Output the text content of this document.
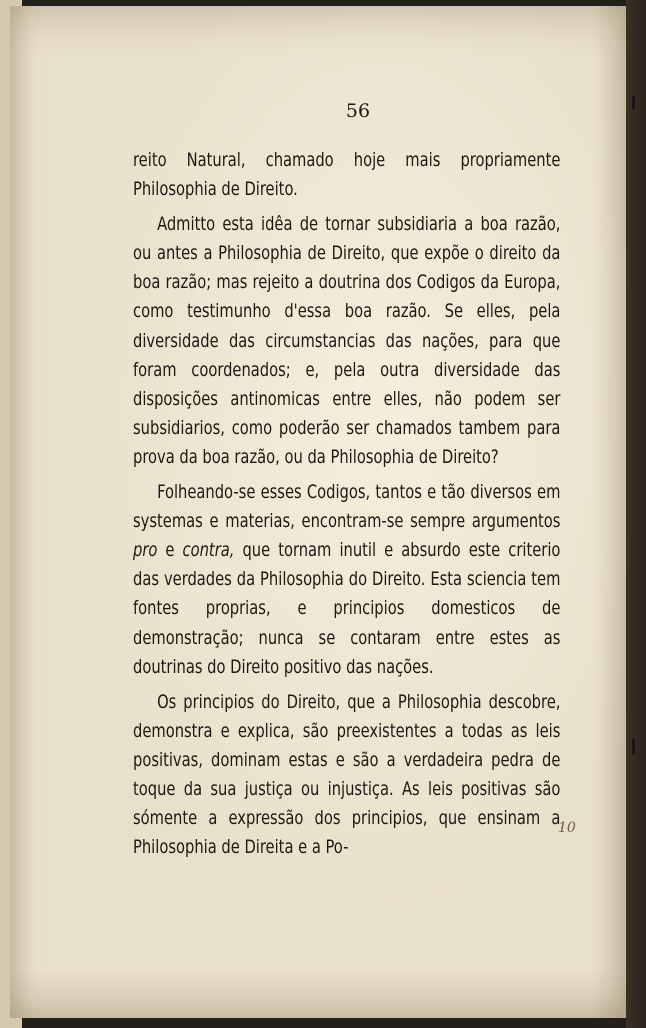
56

reito Natural, chamado hoje mais propriamente Philosophia de Direito.

Admitto esta idêa de tornar subsidiaria a boa razão, ou antes a Philosophia de Direito, que expõe o direito da boa razão; mas rejeito a doutrina dos Codigos da Europa, como testimunho d'essa boa razão. Se elles, pela diversidade das circumstancias das nações, para que foram coordenados; e, pela outra diversidade das disposições antinomicas entre elles, não podem ser subsidiarios, como poderão ser chamados tambem para prova da boa razão, ou da Philosophia de Direito?

Folheando-se esses Codigos, tantos e tão diversos em systemas e materias, encontram-se sempre argumentos pro e contra, que tornam inutil e absurdo este criterio das verdades da Philosophia do Direito. Esta sciencia tem fontes proprias, e principios domesticos de demonstração; nunca se contaram entre estes as doutrinas do Direito positivo das nações.

Os principios do Direito, que a Philosophia descobre, demonstra e explica, são preexistentes a todas as leis positivas, dominam estas e são a verdadeira pedra de toque da sua justiça ou injustiça. As leis positivas são sómente a expressão dos principios, que ensinam a Philosophia de Direita e a Po-

10
